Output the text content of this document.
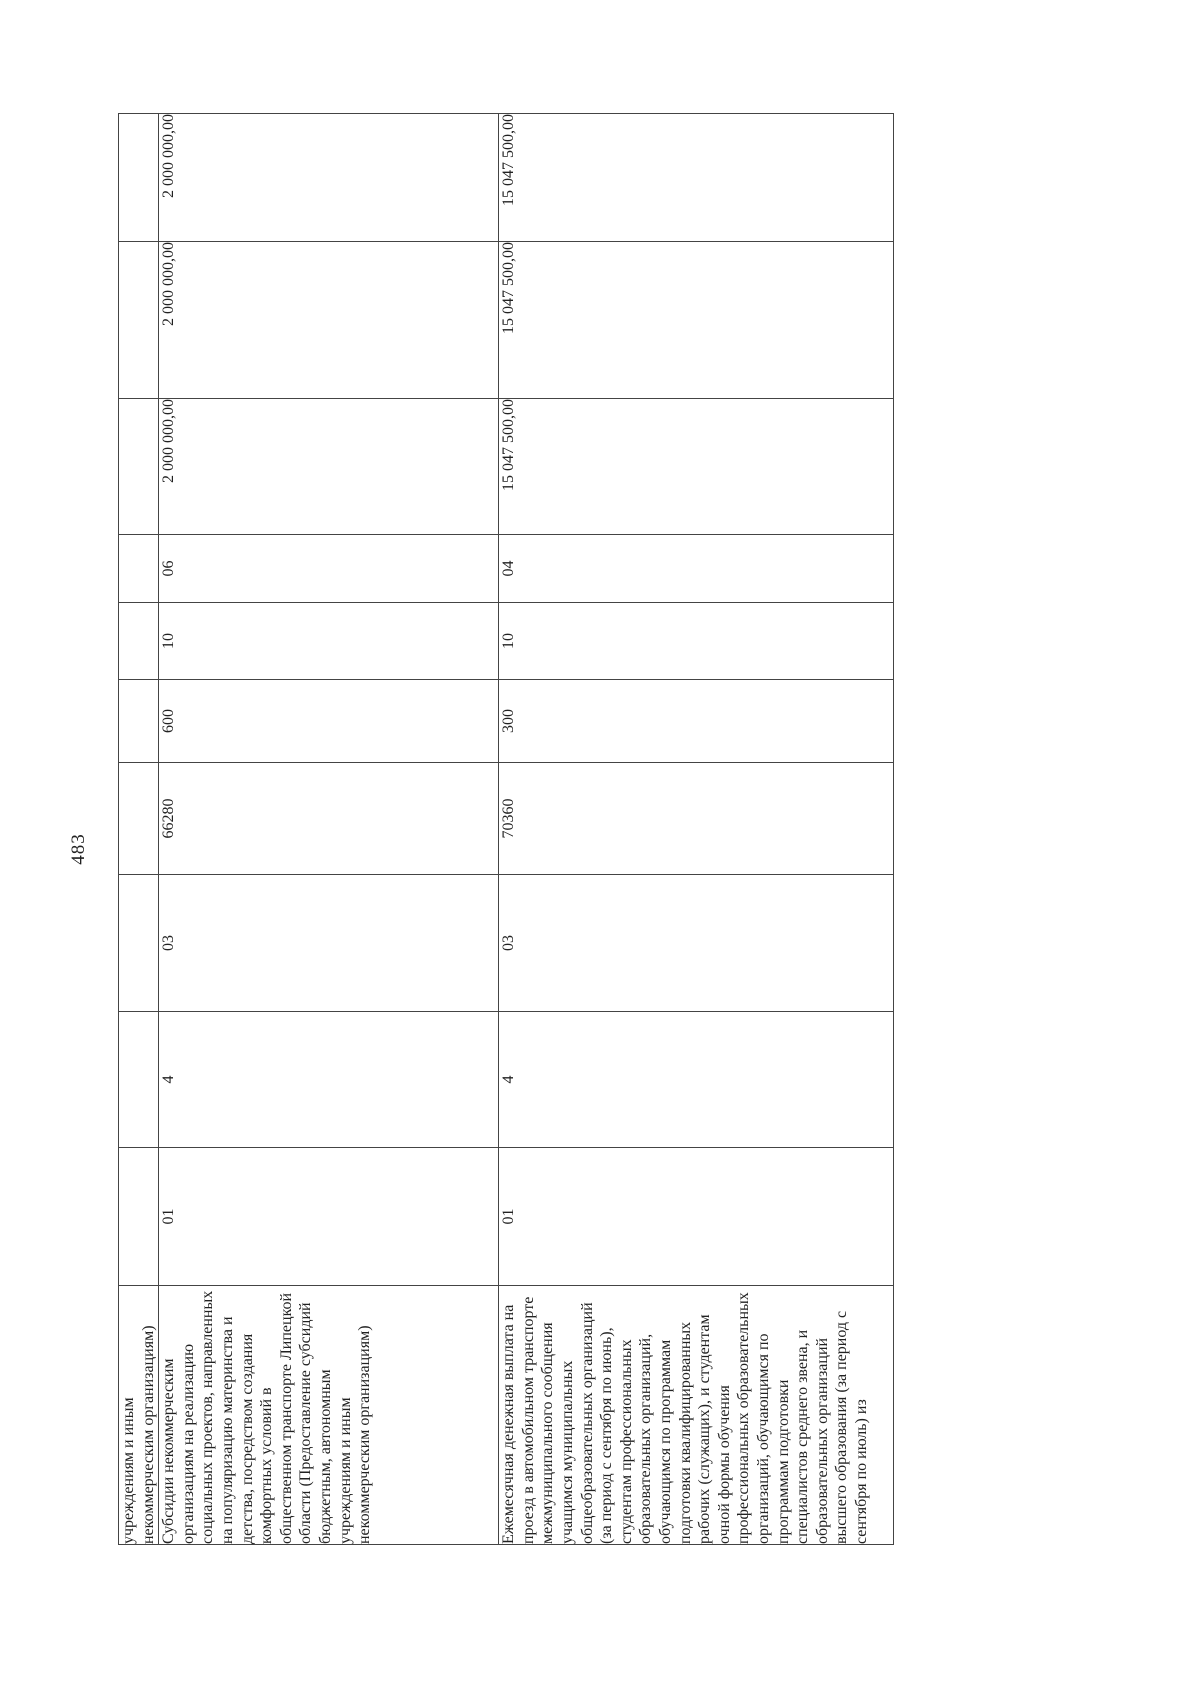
483
учреждениям и иным некоммерческим организациям)										
Субсидии некоммерческим организациям на реализацию социальных проектов, направленных на популяризацию материнства и детства, посредством создания комфортных условий в общественном транспорте Липецкой области (Предоставление субсидий бюджетным, автономным учреждениям и иным некоммерческим организациям)	01	4	03	66280	600	10	06	2 000 000,00	2 000 000,00	2 000 000,00
Ежемесячная денежная выплата на проезд в автомобильном транспорте межмуниципального сообщения учащимся муниципальных общеобразовательных организаций (за период с сентября по июнь), студентам профессиональных образовательных организаций, обучающимся по программам подготовки квалифицированных рабочих (служащих), и студентам очной формы обучения профессиональных образовательных организаций, обучающимся по программам подготовки специалистов среднего звена, и образовательных организаций высшего образования (за период с сентября по июль) из	01	4	03	70360	300	10	04	15 047 500,00	15 047 500,00	15 047 500,00
